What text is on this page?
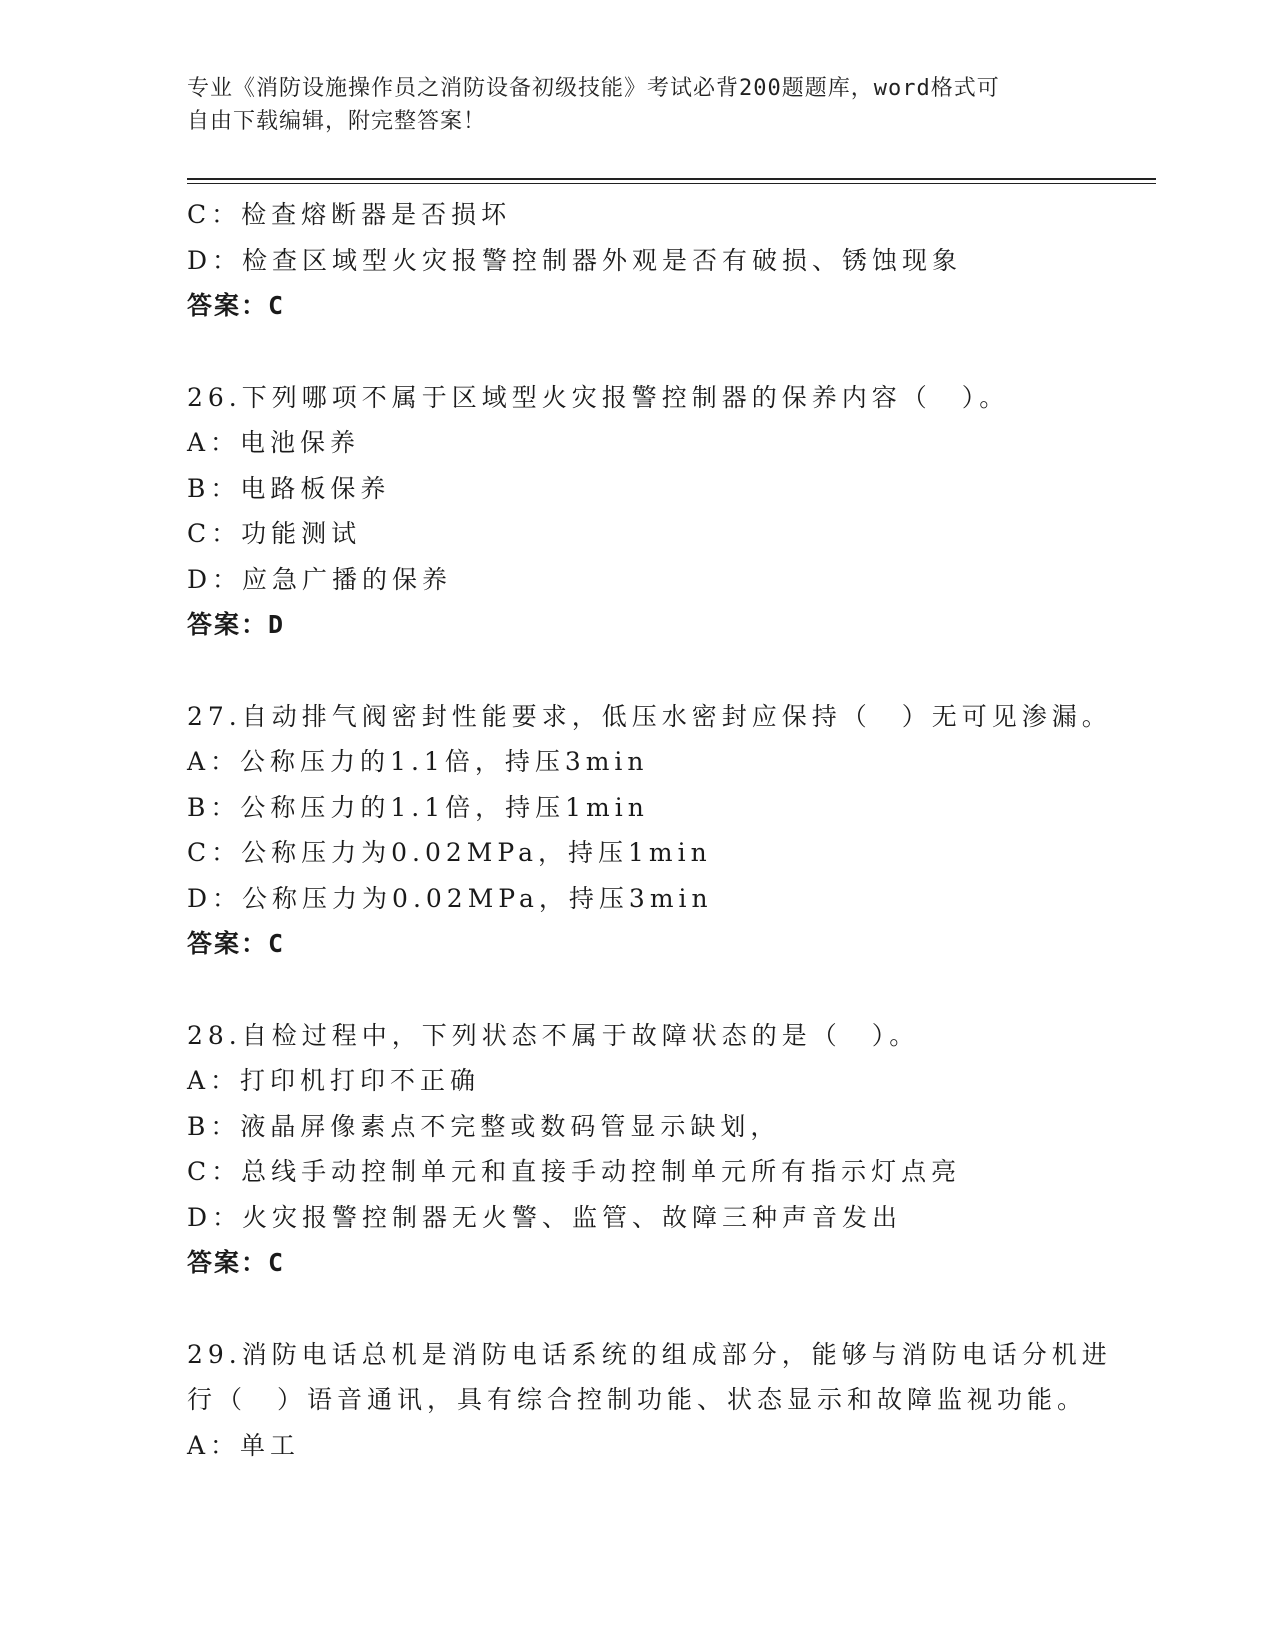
专业《消防设施操作员之消防设备初级技能》考试必背200题题库，word格式可
自由下载编辑，附完整答案！
C：检查熔断器是否损坏
D：检查区域型火灾报警控制器外观是否有破损、锈蚀现象
答案：C
26.下列哪项不属于区域型火灾报警控制器的保养内容（　）。
A：电池保养
B：电路板保养
C：功能测试
D：应急广播的保养
答案：D
27.自动排气阀密封性能要求，低压水密封应保持（　）无可见渗漏。
A：公称压力的1.1倍，持压3min
B：公称压力的1.1倍，持压1min
C：公称压力为0.02MPa，持压1min
D：公称压力为0.02MPa，持压3min
答案：C
28.自检过程中，下列状态不属于故障状态的是（　）。
A：打印机打印不正确
B：液晶屏像素点不完整或数码管显示缺划，
C：总线手动控制单元和直接手动控制单元所有指示灯点亮
D：火灾报警控制器无火警、监管、故障三种声音发出
答案：C
29.消防电话总机是消防电话系统的组成部分，能够与消防电话分机进
行（　）语音通讯，具有综合控制功能、状态显示和故障监视功能。
A：单工
